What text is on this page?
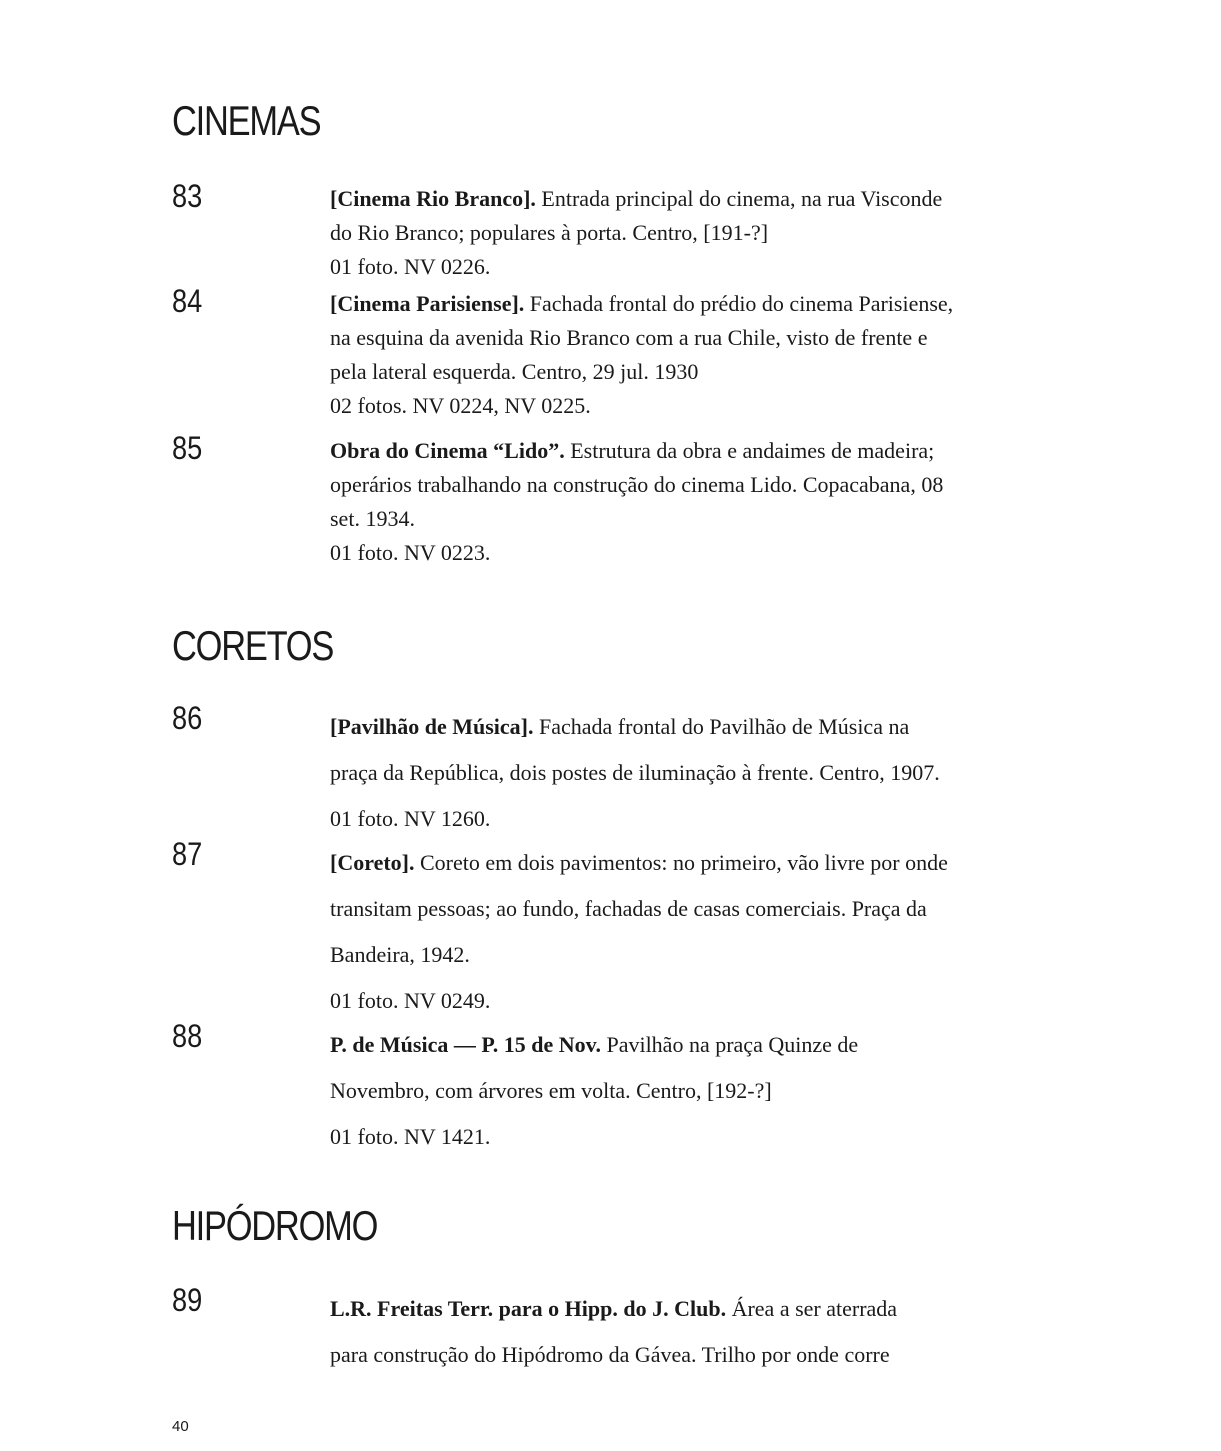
CINEMAS
83	[Cinema Rio Branco]. Entrada principal do cinema, na rua Visconde

do Rio Branco; populares à porta. Centro, [191-?]

01 foto. NV 0226.

84	[Cinema Parisiense]. Fachada frontal do prédio do cinema Parisiense,

na esquina da avenida Rio Branco com a rua Chile, visto de frente e
pela lateral esquerda. Centro, 29 jul. 1930

02 fotos. NV 0224, NV 0225.

85	Obra do Cinema “Lido”. Estrutura da obra e andaimes de madeira;

operários trabalhando na construção do cinema Lido. Copacabana, 08
set. 1934.

01 foto. NV 0223.

CORETOS
86	[Pavilhão de Música]. Fachada frontal do Pavilhão de Música na

praça da República, dois postes de iluminação à frente. Centro, 1907.

01 foto. NV 1260.

87	[Coreto]. Coreto em dois pavimentos: no primeiro, vão livre por onde

transitam pessoas; ao fundo, fachadas de casas comerciais. Praça da
Bandeira, 1942.

01 foto. NV 0249.

88	P. de Música — P. 15 de Nov. Pavilhão na praça Quinze de

Novembro, com árvores em volta. Centro, [192-?]

01 foto. NV 1421.

HIPÓDROMO
89	L.R. Freitas Terr. para o Hipp. do J. Club. Área a ser aterrada

para construção do Hipódromo da Gávea. Trilho por onde corre
40
